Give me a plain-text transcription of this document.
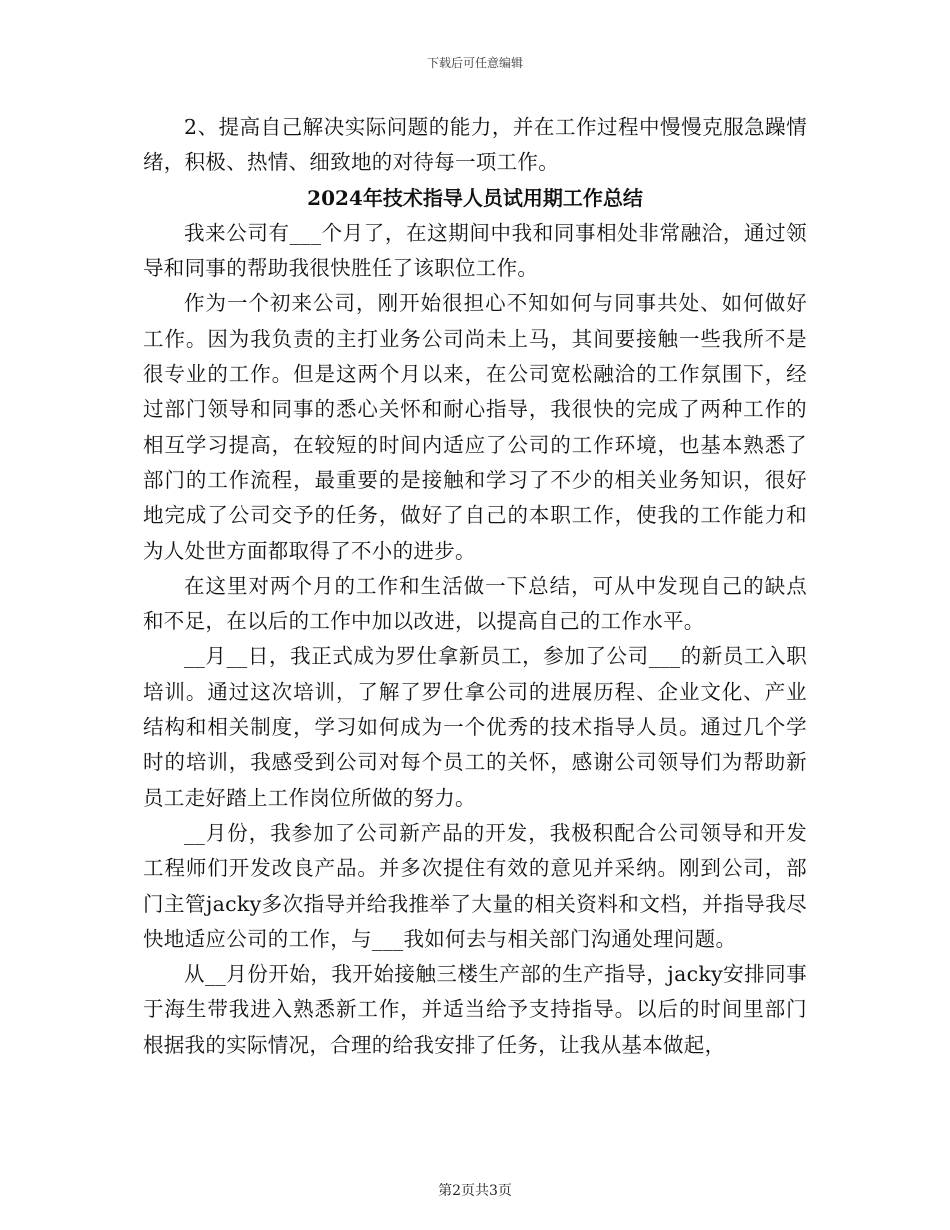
下载后可任意编辑

2、提高自己解决实际问题的能力，并在工作过程中慢慢克服急躁情绪，积极、热情、细致地的对待每一项工作。

2024年技术指导人员试用期工作总结

我来公司有___个月了，在这期间中我和同事相处非常融洽，通过领导和同事的帮助我很快胜任了该职位工作。

作为一个初来公司，刚开始很担心不知如何与同事共处、如何做好工作。因为我负责的主打业务公司尚未上马，其间要接触一些我所不是很专业的工作。但是这两个月以来，在公司宽松融洽的工作氛围下，经过部门领导和同事的悉心关怀和耐心指导，我很快的完成了两种工作的相互学习提高，在较短的时间内适应了公司的工作环境，也基本熟悉了部门的工作流程，最重要的是接触和学习了不少的相关业务知识，很好地完成了公司交予的任务，做好了自己的本职工作，使我的工作能力和为人处世方面都取得了不小的进步。

在这里对两个月的工作和生活做一下总结，可从中发现自己的缺点和不足，在以后的工作中加以改进，以提高自己的工作水平。

__月__日，我正式成为罗仕拿新员工，参加了公司___的新员工入职培训。通过这次培训，了解了罗仕拿公司的进展历程、企业文化、产业结构和相关制度，学习如何成为一个优秀的技术指导人员。通过几个学时的培训，我感受到公司对每个员工的关怀，感谢公司领导们为帮助新员工走好踏上工作岗位所做的努力。

__月份，我参加了公司新产品的开发，我极积配合公司领导和开发工程师们开发改良产品。并多次提住有效的意见并采纳。刚到公司，部门主管jacky多次指导并给我推举了大量的相关资料和文档，并指导我尽快地适应公司的工作，与___我如何去与相关部门沟通处理问题。

从__月份开始，我开始接触三楼生产部的生产指导，jacky安排同事于海生带我进入熟悉新工作，并适当给予支持指导。以后的时间里部门根据我的实际情况，合理的给我安排了任务，让我从基本做起，

第2页共3页
